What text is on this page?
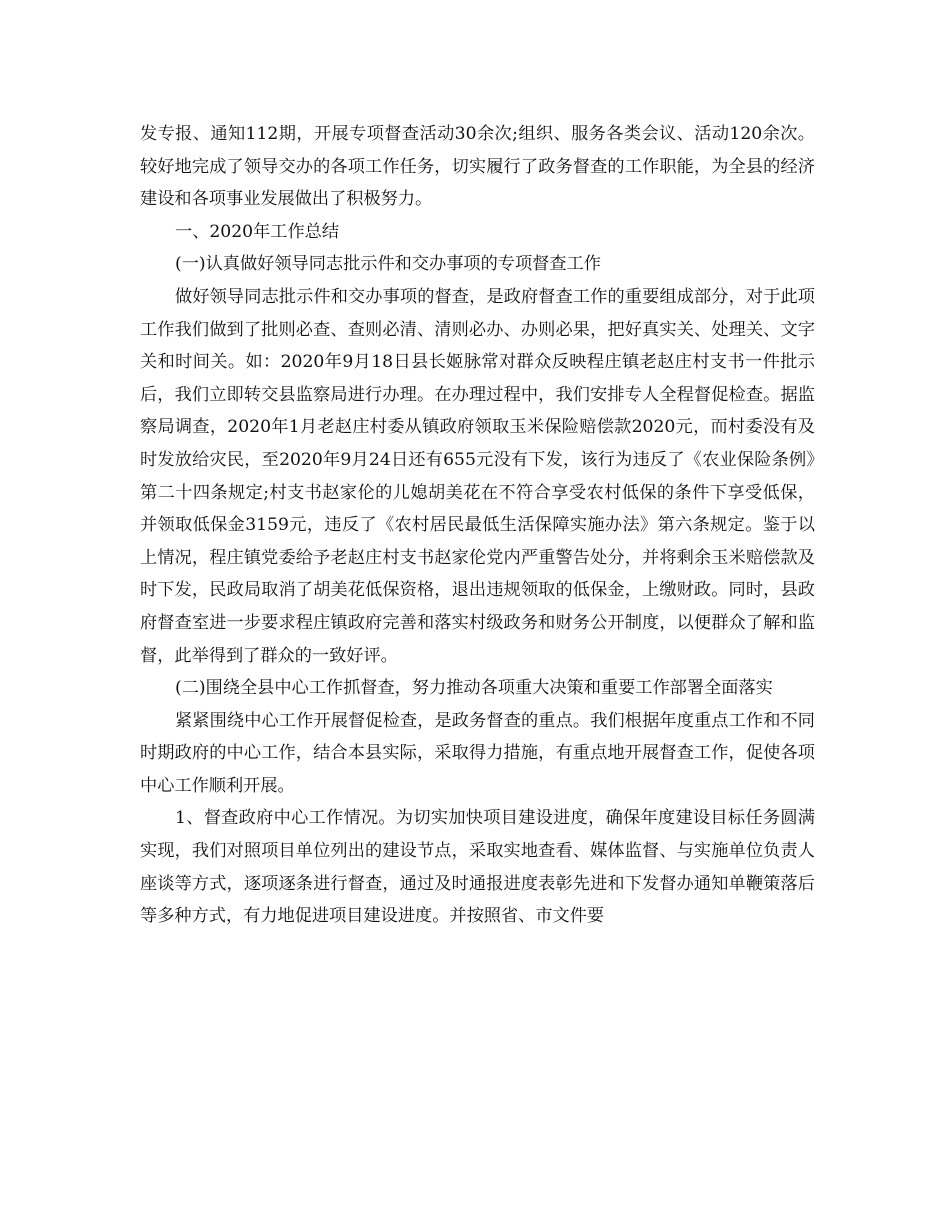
发专报、通知112期，开展专项督查活动30余次;组织、服务各类会议、活动120余次。较好地完成了领导交办的各项工作任务，切实履行了政务督查的工作职能，为全县的经济建设和各项事业发展做出了积极努力。

一、2020年工作总结

(一)认真做好领导同志批示件和交办事项的专项督查工作

做好领导同志批示件和交办事项的督查，是政府督查工作的重要组成部分，对于此项工作我们做到了批则必查、查则必清、清则必办、办则必果，把好真实关、处理关、文字关和时间关。如：2020年9月18日县长姬脉常对群众反映程庄镇老赵庄村支书一件批示后，我们立即转交县监察局进行办理。在办理过程中，我们安排专人全程督促检查。据监察局调查，2020年1月老赵庄村委从镇政府领取玉米保险赔偿款2020元，而村委没有及时发放给灾民，至2020年9月24日还有655元没有下发，该行为违反了《农业保险条例》第二十四条规定;村支书赵家伦的儿媳胡美花在不符合享受农村低保的条件下享受低保，并领取低保金3159元，违反了《农村居民最低生活保障实施办法》第六条规定。鉴于以上情况，程庄镇党委给予老赵庄村支书赵家伦党内严重警告处分，并将剩余玉米赔偿款及时下发，民政局取消了胡美花低保资格，退出违规领取的低保金，上缴财政。同时，县政府督查室进一步要求程庄镇政府完善和落实村级政务和财务公开制度，以便群众了解和监督，此举得到了群众的一致好评。

(二)围绕全县中心工作抓督查，努力推动各项重大决策和重要工作部署全面落实

紧紧围绕中心工作开展督促检查，是政务督查的重点。我们根据年度重点工作和不同时期政府的中心工作，结合本县实际，采取得力措施，有重点地开展督查工作，促使各项中心工作顺利开展。

1、督查政府中心工作情况。为切实加快项目建设进度，确保年度建设目标任务圆满实现，我们对照项目单位列出的建设节点，采取实地查看、媒体监督、与实施单位负责人座谈等方式，逐项逐条进行督查，通过及时通报进度表彰先进和下发督办通知单鞭策落后等多种方式，有力地促进项目建设进度。并按照省、市文件要
